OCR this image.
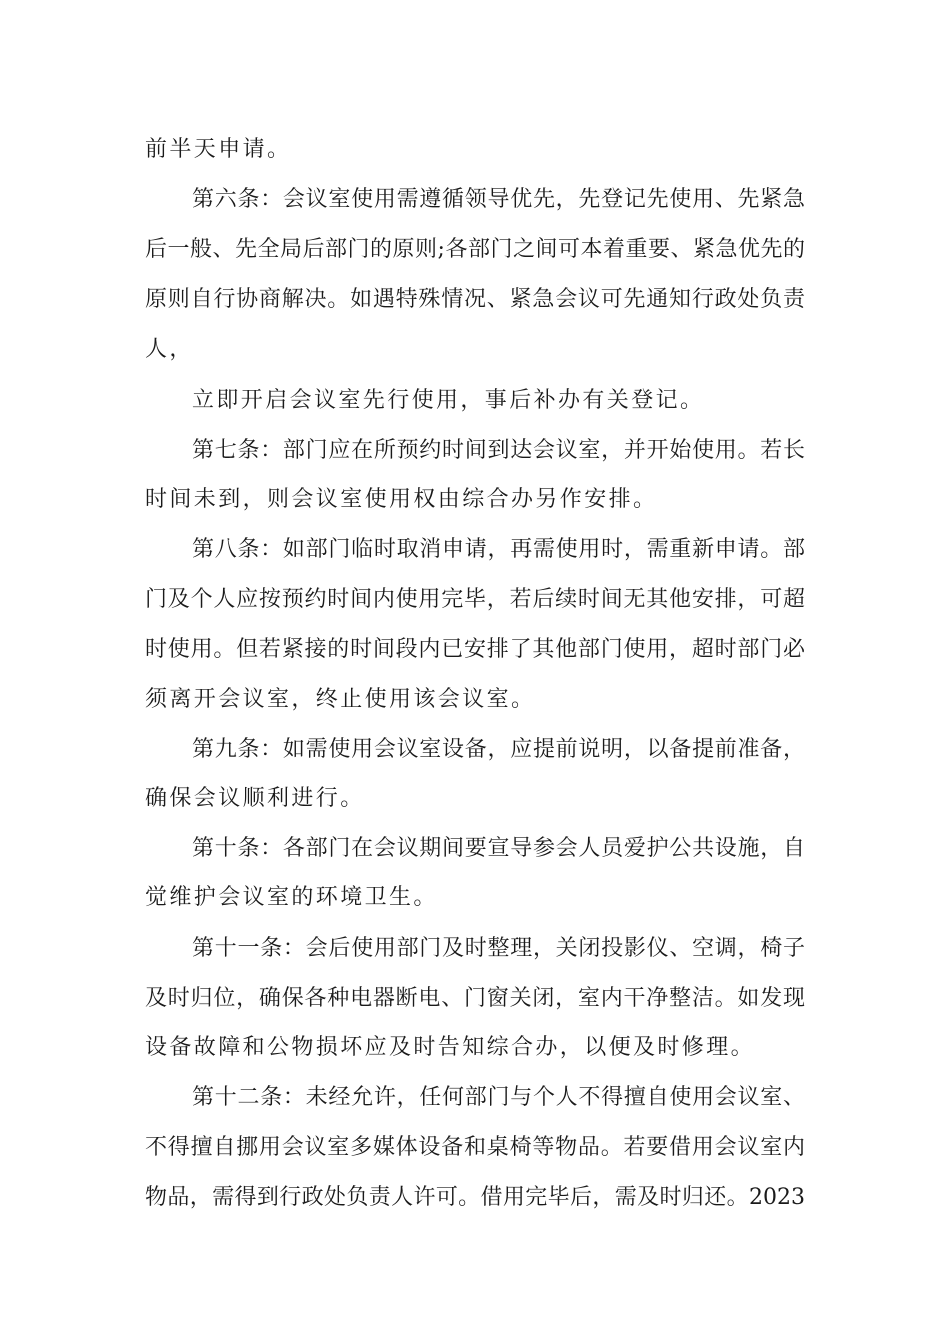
前半天申请。
第六条：会议室使用需遵循领导优先，先登记先使用、先紧急
后一般、先全局后部门的原则;各部门之间可本着重要、紧急优先的
原则自行协商解决。如遇特殊情况、紧急会议可先通知行政处负责
人，
立即开启会议室先行使用，事后补办有关登记。
第七条：部门应在所预约时间到达会议室，并开始使用。若长
时间未到，则会议室使用权由综合办另作安排。
第八条：如部门临时取消申请，再需使用时，需重新申请。部
门及个人应按预约时间内使用完毕，若后续时间无其他安排，可超
时使用。但若紧接的时间段内已安排了其他部门使用，超时部门必
须离开会议室，终止使用该会议室。
第九条：如需使用会议室设备，应提前说明，以备提前准备，
确保会议顺利进行。
第十条：各部门在会议期间要宣导参会人员爱护公共设施，自
觉维护会议室的环境卫生。
第十一条：会后使用部门及时整理，关闭投影仪、空调，椅子
及时归位，确保各种电器断电、门窗关闭，室内干净整洁。如发现
设备故障和公物损坏应及时告知综合办，以便及时修理。
第十二条：未经允许，任何部门与个人不得擅自使用会议室、
不得擅自挪用会议室多媒体设备和桌椅等物品。若要借用会议室内
物品，需得到行政处负责人许可。借用完毕后，需及时归还。2023
